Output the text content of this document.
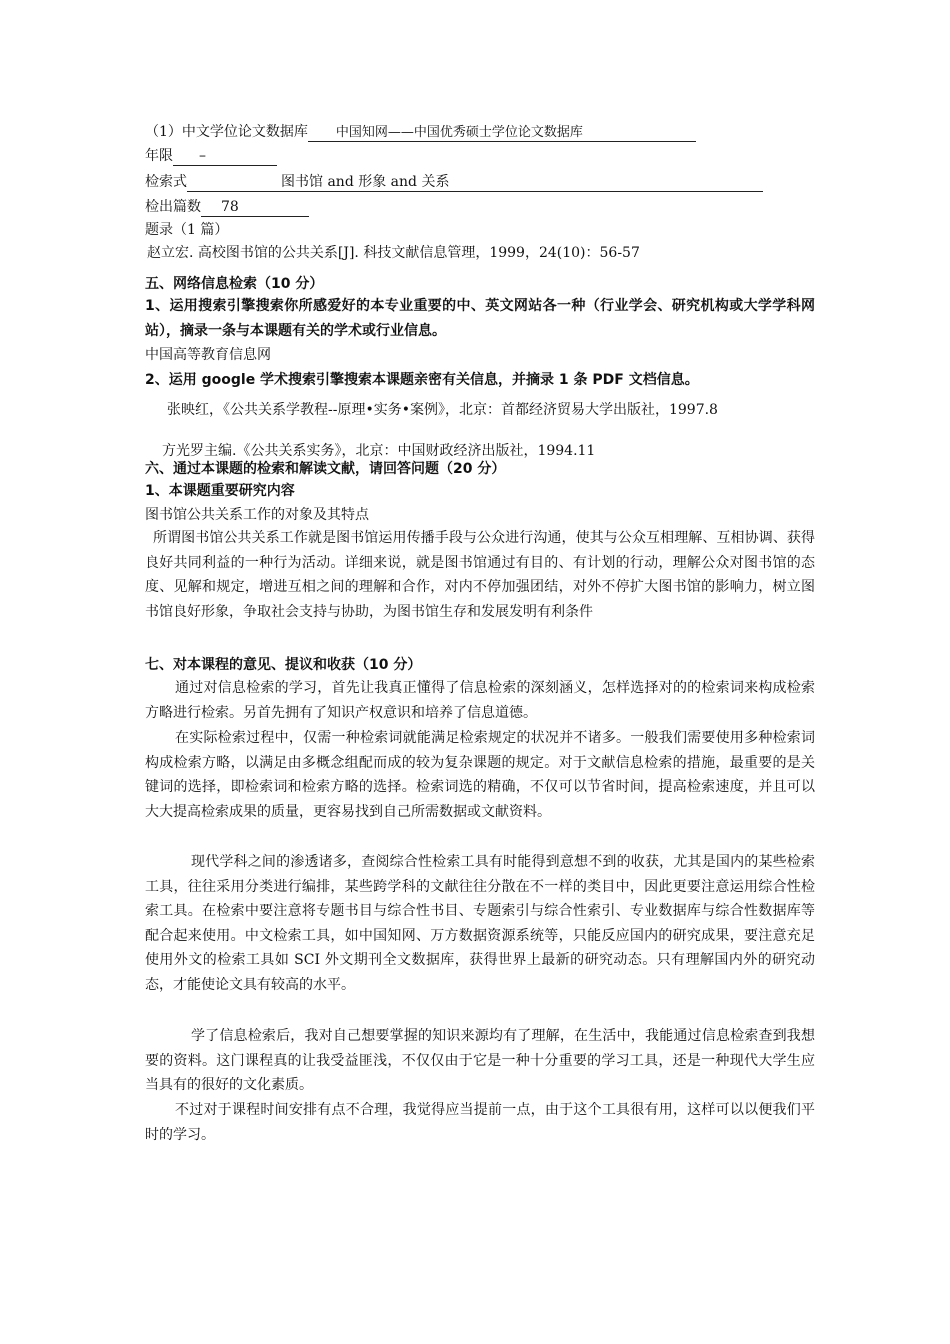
（1）中文学位论文数据库 中国知网——中国优秀硕士学位论文数据库
年限 –
检索式	图书馆 and 形象 and 关系
检出篇数 78
题录（1 篇）
赵立宏. 高校图书馆的公共关系[J]. 科技文献信息管理，1999，24(10)：56-57
五、网络信息检索（10 分）
1、运用搜索引擎搜索你所感爱好的本专业重要的中、英文网站各一种（行业学会、研究机构或大学学科网站），摘录一条与本课题有关的学术或行业信息。
中国高等教育信息网
2、运用 google 学术搜索引擎搜索本课题亲密有关信息，并摘录 1 条 PDF 文档信息。
张映红，《公共关系学教程--原理•实务•案例》，北京：首都经济贸易大学出版社，1997.8
方光罗主编.《公共关系实务》，北京：中国财政经济出版社，1994.11
六、通过本课题的检索和解读文献，请回答问题（20 分）
1、本课题重要研究内容
图书馆公共关系工作的对象及其特点
所谓图书馆公共关系工作就是图书馆运用传播手段与公众进行沟通，使其与公众互相理解、互相协调、获得良好共同利益的一种行为活动。详细来说，就是图书馆通过有目的、有计划的行动，理解公众对图书馆的态度、见解和规定，增进互相之间的理解和合作，对内不停加强团结，对外不停扩大图书馆的影响力，树立图书馆良好形象，争取社会支持与协助，为图书馆生存和发展发明有利条件
七、对本课程的意见、提议和收获（10 分）
通过对信息检索的学习，首先让我真正懂得了信息检索的深刻涵义，怎样选择对的的检索词来构成检索方略进行检索。另首先拥有了知识产权意识和培养了信息道德。
在实际检索过程中，仅需一种检索词就能满足检索规定的状况并不诸多。一般我们需要使用多种检索词构成检索方略，以满足由多概念组配而成的较为复杂课题的规定。对于文献信息检索的措施，最重要的是关键词的选择，即检索词和检索方略的选择。检索词选的精确，不仅可以节省时间，提高检索速度，并且可以大大提高检索成果的质量，更容易找到自己所需数据或文献资料。
现代学科之间的渗透诸多，查阅综合性检索工具有时能得到意想不到的收获，尤其是国内的某些检索工具，往往采用分类进行编排，某些跨学科的文献往往分散在不一样的类目中，因此更要注意运用综合性检索工具。在检索中要注意将专题书目与综合性书目、专题索引与综合性索引、专业数据库与综合性数据库等配合起来使用。中文检索工具，如中国知网、万方数据资源系统等，只能反应国内的研究成果，要注意充足使用外文的检索工具如 SCI 外文期刊全文数据库，获得世界上最新的研究动态。只有理解国内外的研究动态，才能使论文具有较高的水平。
学了信息检索后，我对自己想要掌握的知识来源均有了理解，在生活中，我能通过信息检索查到我想要的资料。这门课程真的让我受益匪浅，不仅仅由于它是一种十分重要的学习工具，还是一种现代大学生应当具有的很好的文化素质。
不过对于课程时间安排有点不合理，我觉得应当提前一点，由于这个工具很有用，这样可以以便我们平时的学习。
